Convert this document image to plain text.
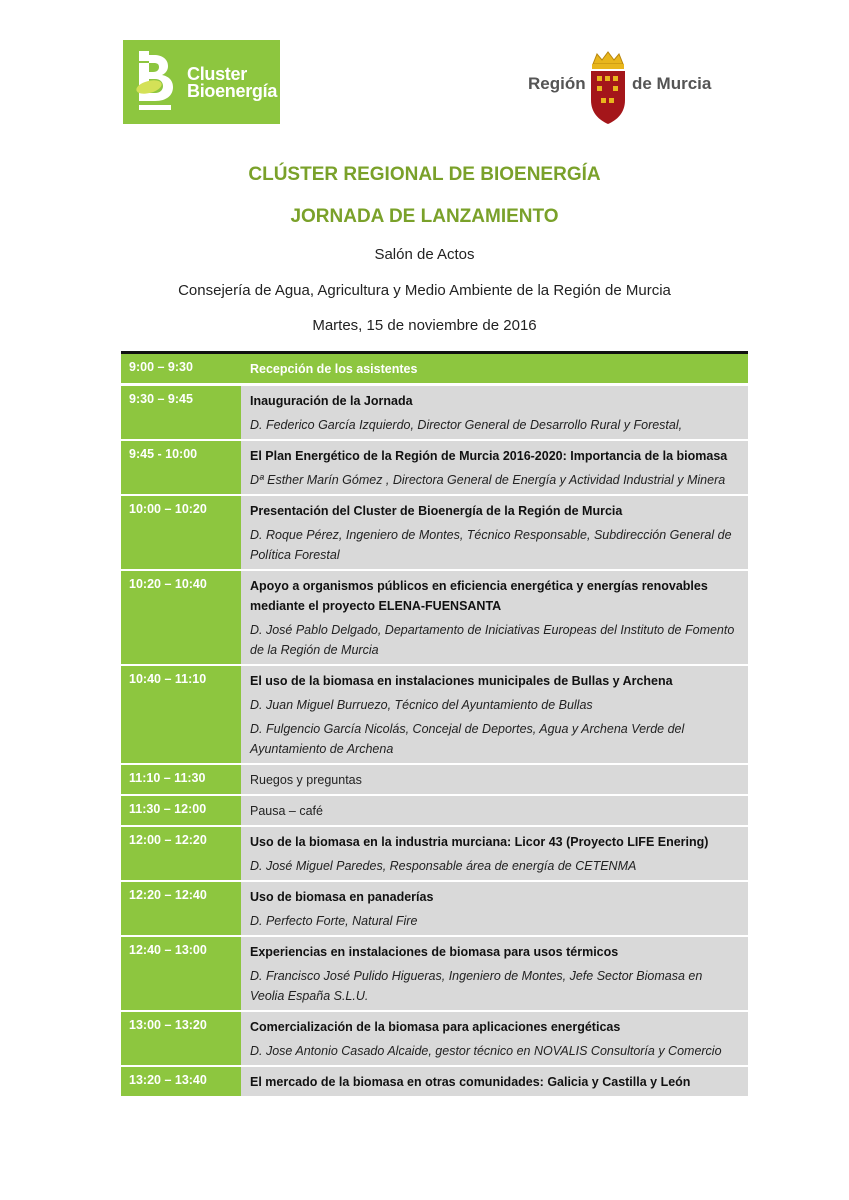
Cluster
Bioenergía	Región	de Murcia
CLÚSTER REGIONAL DE BIOENERGÍA
JORNADA DE LANZAMIENTO
Salón de Actos
Consejería de Agua, Agricultura y Medio Ambiente de la Región de Murcia
Martes, 15 de noviembre de 2016
9:00 – 9:30	Recepción de los asistentes
9:30 – 9:45	Inauguración de la Jornada
D. Federico García Izquierdo, Director General de Desarrollo Rural y Forestal,
9:45 - 10:00	El Plan Energético de la Región de Murcia 2016-2020: Importancia de la biomasa
Dª Esther Marín Gómez , Directora General de Energía y Actividad Industrial y Minera
10:00 – 10:20	Presentación del Cluster de Bioenergía de la Región de Murcia
D. Roque Pérez, Ingeniero de Montes, Técnico Responsable, Subdirección General de Política Forestal
10:20 – 10:40	Apoyo a organismos públicos en eficiencia energética y energías renovables mediante el proyecto ELENA-FUENSANTA
D. José Pablo Delgado, Departamento de Iniciativas Europeas del Instituto de Fomento de la Región de Murcia
10:40 – 11:10	El uso de la biomasa en instalaciones municipales de Bullas y Archena
D. Juan Miguel Burruezo, Técnico del Ayuntamiento de Bullas
D. Fulgencio García Nicolás, Concejal de Deportes, Agua y Archena Verde del Ayuntamiento de Archena
11:10 – 11:30	Ruegos y preguntas
11:30 – 12:00	Pausa – café
12:00 – 12:20	Uso de la biomasa en la industria murciana: Licor 43 (Proyecto LIFE Enering)
D. José Miguel Paredes, Responsable área de energía de CETENMA
12:20 – 12:40	Uso de biomasa en panaderías
D. Perfecto Forte, Natural Fire
12:40 – 13:00	Experiencias en instalaciones de biomasa para usos térmicos
D. Francisco José Pulido Higueras, Ingeniero de Montes, Jefe Sector Biomasa en Veolia España S.L.U.
13:00 – 13:20	Comercialización de la biomasa para aplicaciones energéticas
D. Jose Antonio Casado Alcaide, gestor técnico en NOVALIS Consultoría y Comercio
13:20 – 13:40	El mercado de la biomasa en otras comunidades: Galicia y Castilla y León
